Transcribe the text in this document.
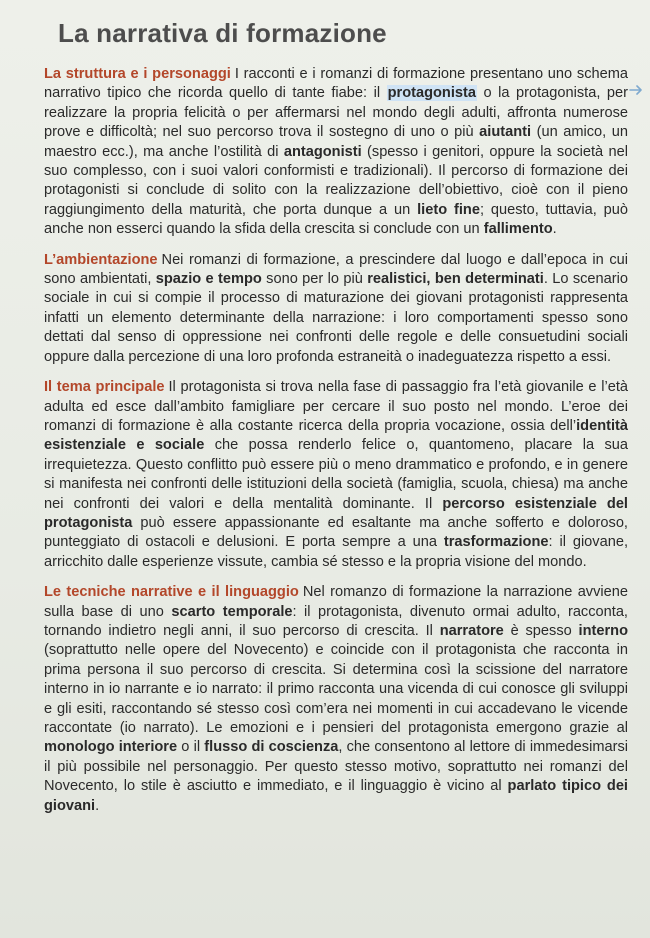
La narrativa di formazione

La struttura e i personaggi I racconti e i romanzi di formazione presentano uno schema narrativo tipico che ricorda quello di tante fiabe: il protagonista o la protagonista, per realizzare la propria felicità o per affermarsi nel mondo degli adulti, affronta numerose prove e difficoltà; nel suo percorso trova il sostegno di uno o più aiutanti (un amico, un maestro ecc.), ma anche l’ostilità di antagonisti (spesso i genitori, oppure la società nel suo complesso, con i suoi valori conformisti e tradizionali). Il percorso di formazione dei protagonisti si conclude di solito con la realizzazione dell’obiettivo, cioè con il pieno raggiungimento della maturità, che porta dunque a un lieto fine; questo, tuttavia, può anche non esserci quando la sfida della crescita si conclude con un fallimento.

L’ambientazione Nei romanzi di formazione, a prescindere dal luogo e dall’epoca in cui sono ambientati, spazio e tempo sono per lo più realistici, ben determinati. Lo scenario sociale in cui si compie il processo di maturazione dei giovani protagonisti rappresenta infatti un elemento determinante della narrazione: i loro comportamenti spesso sono dettati dal senso di oppressione nei confronti delle regole e delle consuetudini sociali oppure dalla percezione di una loro profonda estraneità o inadeguatezza rispetto a essi.

Il tema principale Il protagonista si trova nella fase di passaggio fra l’età giovanile e l’età adulta ed esce dall’ambito famigliare per cercare il suo posto nel mondo. L’eroe dei romanzi di formazione è alla costante ricerca della propria vocazione, ossia dell’identità esistenziale e sociale che possa renderlo felice o, quantomeno, placare la sua irrequietezza. Questo conflitto può essere più o meno drammatico e profondo, e in genere si manifesta nei confronti delle istituzioni della società (famiglia, scuola, chiesa) ma anche nei confronti dei valori e della mentalità dominante. Il percorso esistenziale del protagonista può essere appassionante ed esaltante ma anche sofferto e doloroso, punteggiato di ostacoli e delusioni. E porta sempre a una trasformazione: il giovane, arricchito dalle esperienze vissute, cambia sé stesso e la propria visione del mondo.

Le tecniche narrative e il linguaggio Nel romanzo di formazione la narrazione avviene sulla base di uno scarto temporale: il protagonista, divenuto ormai adulto, racconta, tornando indietro negli anni, il suo percorso di crescita. Il narratore è spesso interno (soprattutto nelle opere del Novecento) e coincide con il protagonista che racconta in prima persona il suo percorso di crescita. Si determina così la scissione del narratore interno in io narrante e io narrato: il primo racconta una vicenda di cui conosce gli sviluppi e gli esiti, raccontando sé stesso così com’era nei momenti in cui accadevano le vicende raccontate (io narrato). Le emozioni e i pensieri del protagonista emergono grazie al monologo interiore o il flusso di coscienza, che consentono al lettore di immedesimarsi il più possibile nel personaggio. Per questo stesso motivo, soprattutto nei romanzi del Novecento, lo stile è asciutto e immediato, e il linguaggio è vicino al parlato tipico dei giovani.
